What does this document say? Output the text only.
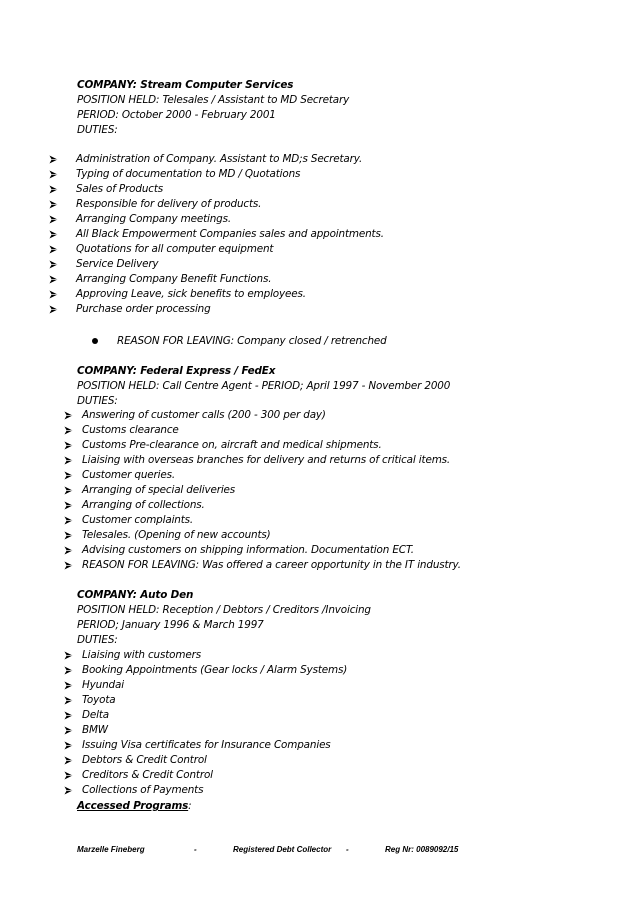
COMPANY: Stream Computer Services
POSITION HELD: Telesales / Assistant to MD Secretary
PERIOD: October 2000 - February 2001
DUTIES:
Administration of Company. Assistant to MD;s Secretary.
Typing of documentation to MD / Quotations
Sales of Products
Responsible for delivery of products.
Arranging Company meetings.
All Black Empowerment Companies sales and appointments.
Quotations for all computer equipment
Service Delivery
Arranging Company Benefit Functions.
Approving Leave, sick benefits to employees.
Purchase order processing
REASON FOR LEAVING: Company closed / retrenched
COMPANY: Federal Express / FedEx
POSITION HELD: Call Centre Agent - PERIOD; April 1997 - November 2000
DUTIES:
Answering of customer calls (200 - 300 per day)
Customs clearance
Customs Pre-clearance on, aircraft and medical shipments.
Liaising with overseas branches for delivery and returns of critical items.
Customer queries.
Arranging of special deliveries
Arranging of collections.
Customer complaints.
Telesales. (Opening of new accounts)
Advising customers on shipping information. Documentation ECT.
REASON FOR LEAVING: Was offered a career opportunity in the IT industry.
COMPANY: Auto Den
POSITION HELD: Reception / Debtors / Creditors /Invoicing
PERIOD; January 1996 & March 1997
DUTIES:
Liaising with customers
Booking Appointments (Gear locks / Alarm Systems)
Hyundai
Toyota
Delta
BMW
Issuing Visa certificates for Insurance Companies
Debtors & Credit Control
Creditors & Credit Control
Collections of Payments
Accessed Programs:
Marzelle Fineberg	-	Registered Debt Collector -	Reg Nr: 0089092/15
